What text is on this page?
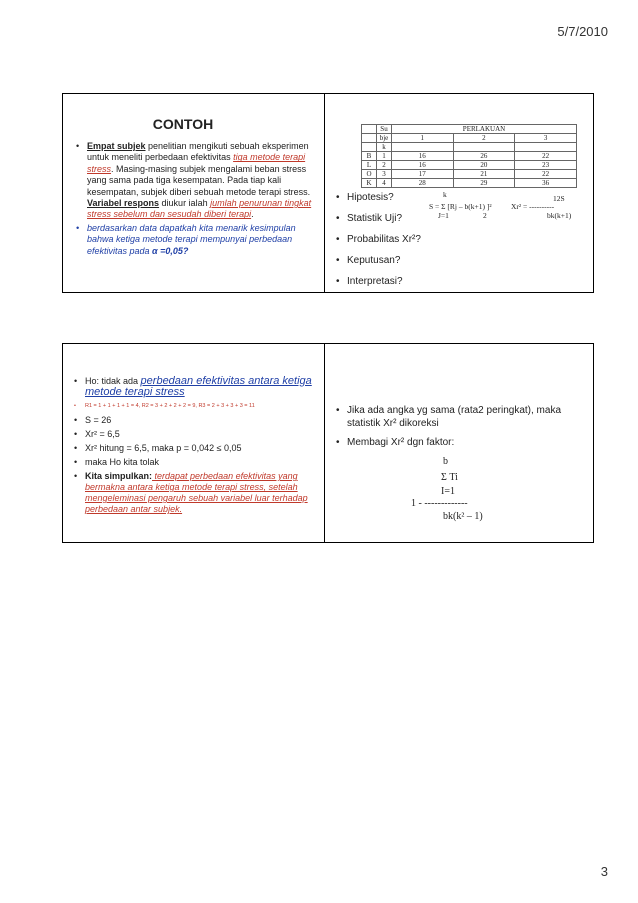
5/7/2010
CONTOH
• Empat subjek penelitian mengikuti sebuah eksperimen untuk meneliti perbedaan efektivitas tiga metode terapi stress. Masing-masing subjek mengalami beban stress yang sama pada tiga kesempatan. Pada tiap kali kesempatan, subjek diberi sebuah metode terapi stress. Variabel respons diukur ialah jumlah penurunan tingkat stress sebelum dan sesudah diberi terapi.
• berdasarkan data dapatkah kita menarik kesimpulan bahwa ketiga metode terapi mempunyai perbedaan efektivitas pada α =0,05?
	Su	PERLAKUAN		
	bje	1	2	3
	k			
B	1	16	26	22
L	2	16	20	23
O	3	17	21	22
K	4	28	29	36
• Hipotesis?
• Statistik Uji?
• Probabilitas Xr²?
• Keputusan?
• Interpretasi?
k
S = Σ [Rj – b(k+1) ]²
J=1	2
12S
Xr² = ----------
bk(k+1)
• Ho: tidak ada perbedaan efektivitas antara ketiga metode terapi stress
• R1 = 1 + 1 + 1 + 1 = 4, R2 = 3 + 2 + 2 + 2 = 9, R3 = 2 + 3 + 3 + 3 = 11
• S = 26
• Xr² = 6,5
• Xr² hitung = 6,5, maka p = 0,042 ≤ 0,05
• maka Ho kita tolak
• Kita simpulkan: terdapat perbedaan efektivitas yang bermakna antara ketiga metode terapi stress, setelah mengeleminasi pengaruh sebuah variabel luar terhadap perbedaan antar subjek.
• Jika ada angka yg sama (rata2 peringkat), maka statistik Xr² dikoreksi
• Membagi Xr² dgn faktor:
b
Σ Ti
I=1
1 - -------------
bk(k² – 1)
3
